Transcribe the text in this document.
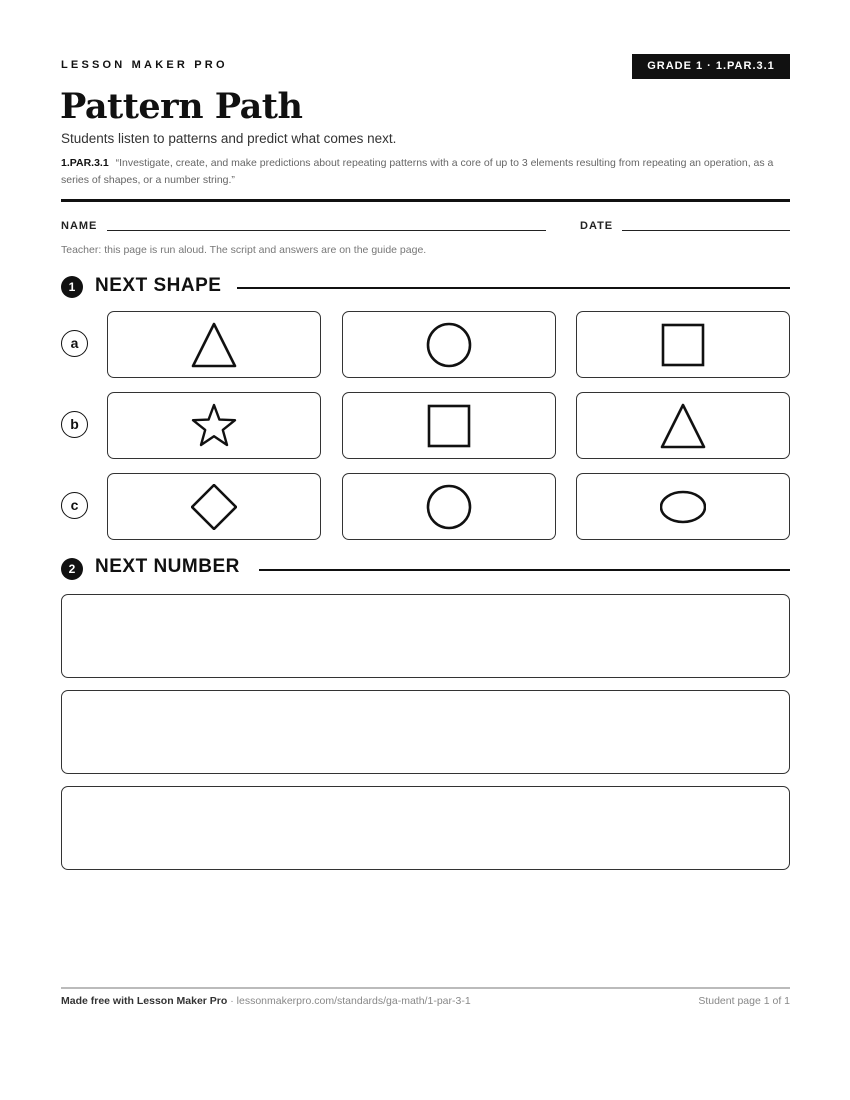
LESSON MAKER PRO	GRADE 1 · 1.PAR.3.1
Pattern Path
Students listen to patterns and predict what comes next.
1.PAR.3.1 “Investigate, create, and make predictions about repeating patterns with a core of up to 3 elements resulting from repeating an operation, as a series of shapes, or a number string.”
NAME	DATE
Teacher: this page is run aloud. The script and answers are on the guide page.
1	NEXT SHAPE
a
b
c
2	NEXT NUMBER
Made free with Lesson Maker Pro · lessonmakerpro.com/standards/ga-math/1-par-3-1	Student page 1 of 1
